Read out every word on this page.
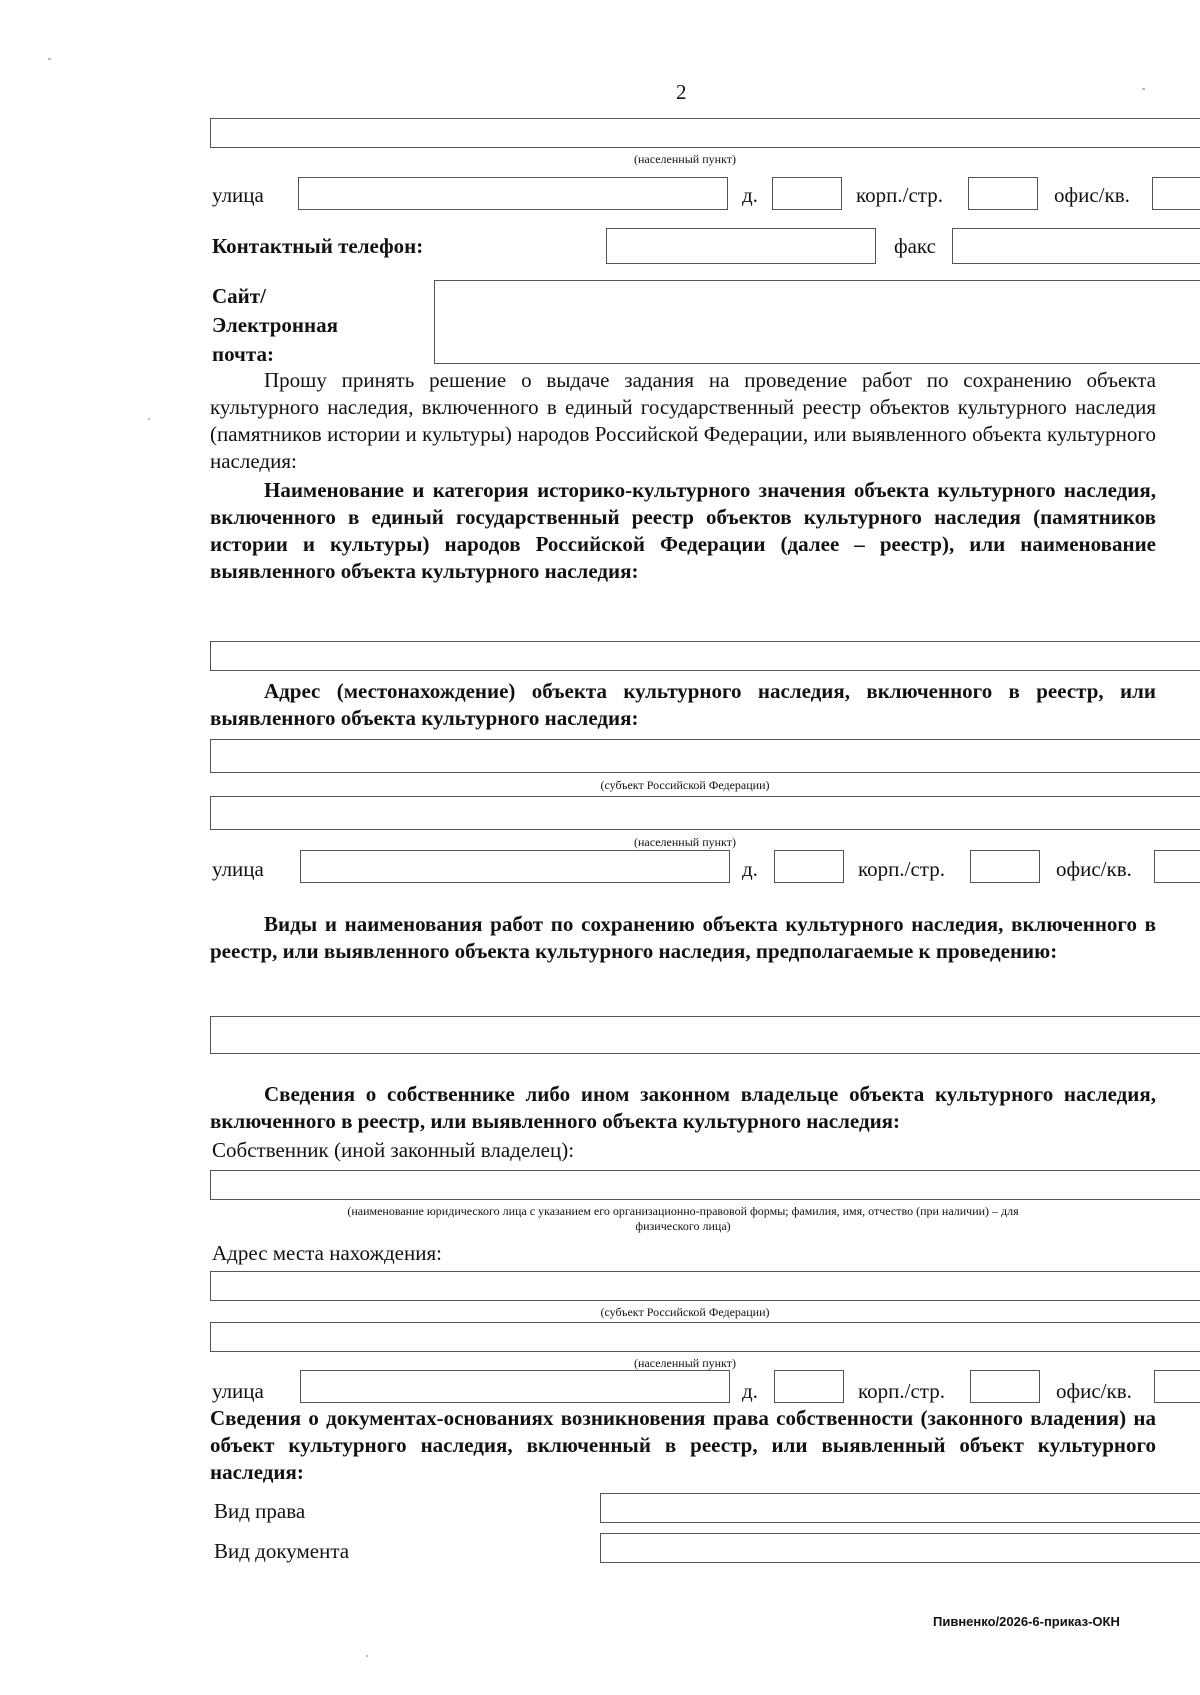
2
(населенный пункт)
улица	д.	корп./стр.	офис/кв.
Контактный телефон:	факс
Сайт/
Электронная
почта:
Прошу принять решение о выдаче задания на проведение работ по сохранению объекта культурного наследия, включенного в единый государственный реестр объектов культурного наследия (памятников истории и культуры) народов Российской Федерации, или выявленного объекта культурного наследия:
Наименование и категория историко-культурного значения объекта культурного наследия, включенного в единый государственный реестр объектов культурного наследия (памятников истории и культуры) народов Российской Федерации (далее – реестр), или наименование выявленного объекта культурного наследия:
Адрес (местонахождение) объекта культурного наследия, включенного в реестр, или выявленного объекта культурного наследия:
(субъект Российской Федерации)
(населенный пункт)
улица	д.	корп./стр.	офис/кв.
Виды и наименования работ по сохранению объекта культурного наследия, включенного в реестр, или выявленного объекта культурного наследия, предполагаемые к проведению:
Сведения о собственнике либо ином законном владельце объекта культурного наследия, включенного в реестр, или выявленного объекта культурного наследия:
Собственник (иной законный владелец):
(наименование юридического лица с указанием его организационно-правовой формы; фамилия, имя, отчество (при наличии) – для
физического лица)
Адрес места нахождения:
(субъект Российской Федерации)
(населенный пункт)
улица	д.	корп./стр.	офис/кв.
Сведения о документах-основаниях возникновения права собственности (законного владения) на объект культурного наследия, включенный в реестр, или выявленный объект культурного наследия:
Вид права
Вид документа
Пивненко/2026-6-приказ-ОКН
